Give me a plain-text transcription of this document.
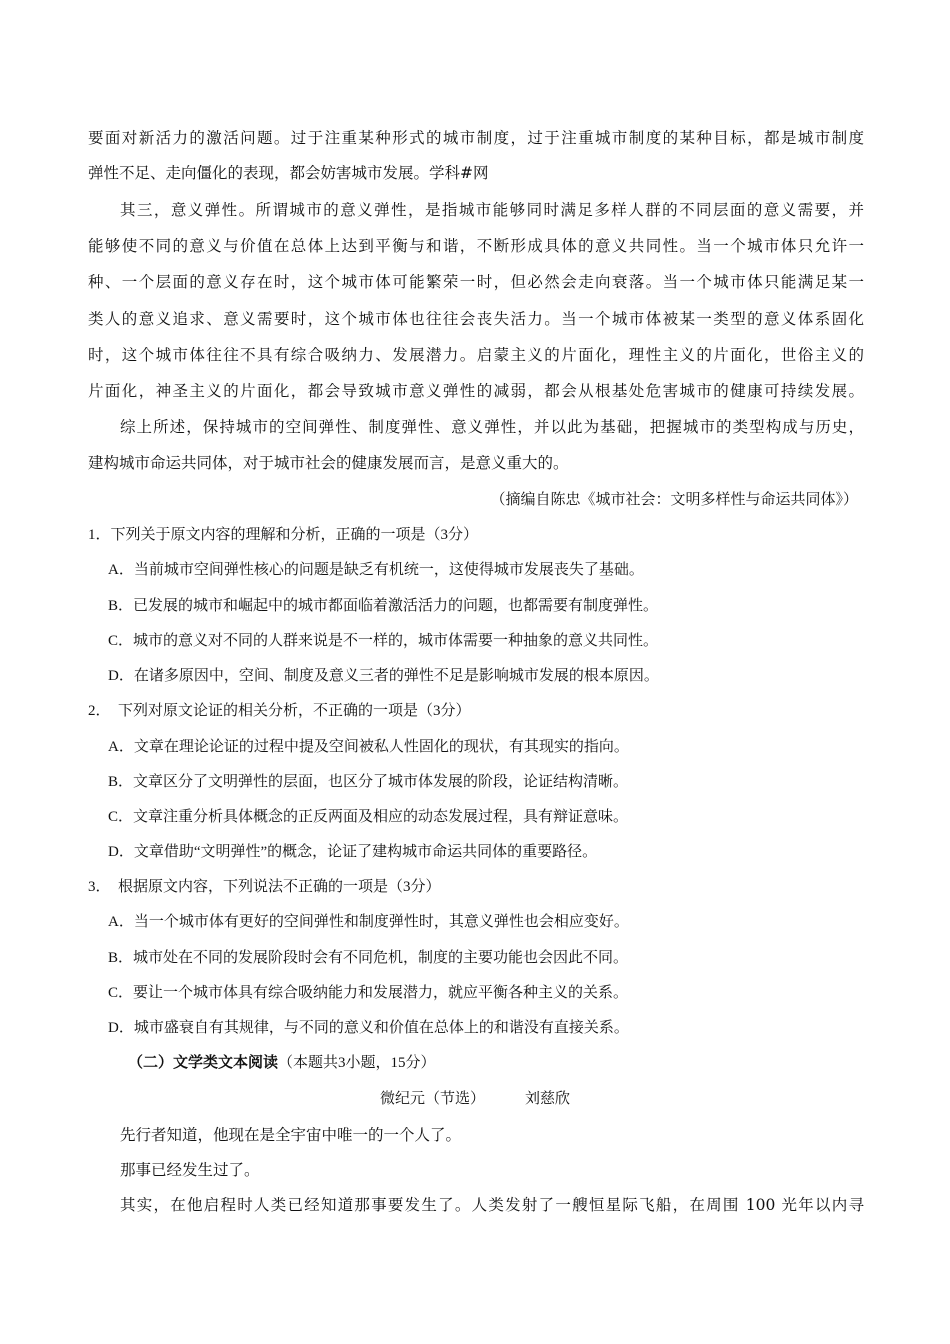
要面对新活力的激活问题。过于注重某种形式的城市制度，过于注重城市制度的某种目标，都是城市制度
弹性不足、走向僵化的表现，都会妨害城市发展。学科#网
其三，意义弹性。所谓城市的意义弹性，是指城市能够同时满足多样人群的不同层面的意义需要，并
能够使不同的意义与价值在总体上达到平衡与和谐，不断形成具体的意义共同性。当一个城市体只允许一
种、一个层面的意义存在时，这个城市体可能繁荣一时，但必然会走向衰落。当一个城市体只能满足某一
类人的意义追求、意义需要时，这个城市体也往往会丧失活力。当一个城市体被某一类型的意义体系固化
时，这个城市体往往不具有综合吸纳力、发展潜力。启蒙主义的片面化，理性主义的片面化，世俗主义的
片面化，神圣主义的片面化，都会导致城市意义弹性的减弱，都会从根基处危害城市的健康可持续发展。
综上所述，保持城市的空间弹性、制度弹性、意义弹性，并以此为基础，把握城市的类型构成与历史，
建构城市命运共同体，对于城市社会的健康发展而言，是意义重大的。
（摘编自陈忠《城市社会：文明多样性与命运共同体》）
1．下列关于原文内容的理解和分析，正确的一项是（3分）
A．当前城市空间弹性核心的问题是缺乏有机统一，这使得城市发展丧失了基础。
B．已发展的城市和崛起中的城市都面临着激活活力的问题，也都需要有制度弹性。
C．城市的意义对不同的人群来说是不一样的，城市体需要一种抽象的意义共同性。
D．在诸多原因中，空间、制度及意义三者的弹性不足是影响城市发展的根本原因。
2．　下列对原文论证的相关分析，不正确的一项是（3分）
A．文章在理论论证的过程中提及空间被私人性固化的现状，有其现实的指向。
B．文章区分了文明弹性的层面，也区分了城市体发展的阶段，论证结构清晰。
C．文章注重分析具体概念的正反两面及相应的动态发展过程，具有辩证意味。
D．文章借助“文明弹性”的概念，论证了建构城市命运共同体的重要路径。
3．　根据原文内容，下列说法不正确的一项是（3分）
A．当一个城市体有更好的空间弹性和制度弹性时，其意义弹性也会相应变好。
B．城市处在不同的发展阶段时会有不同危机，制度的主要功能也会因此不同。
C．要让一个城市体具有综合吸纳能力和发展潜力，就应平衡各种主义的关系。
D．城市盛衰自有其规律，与不同的意义和价值在总体上的和谐没有直接关系。
（二）文学类文本阅读（本题共3小题，15分）
微纪元（节选）	刘慈欣
先行者知道，他现在是全宇宙中唯一的一个人了。
那事已经发生过了。
其实，在他启程时人类已经知道那事要发生了。人类发射了一艘恒星际飞船，在周围 100 光年以内寻
